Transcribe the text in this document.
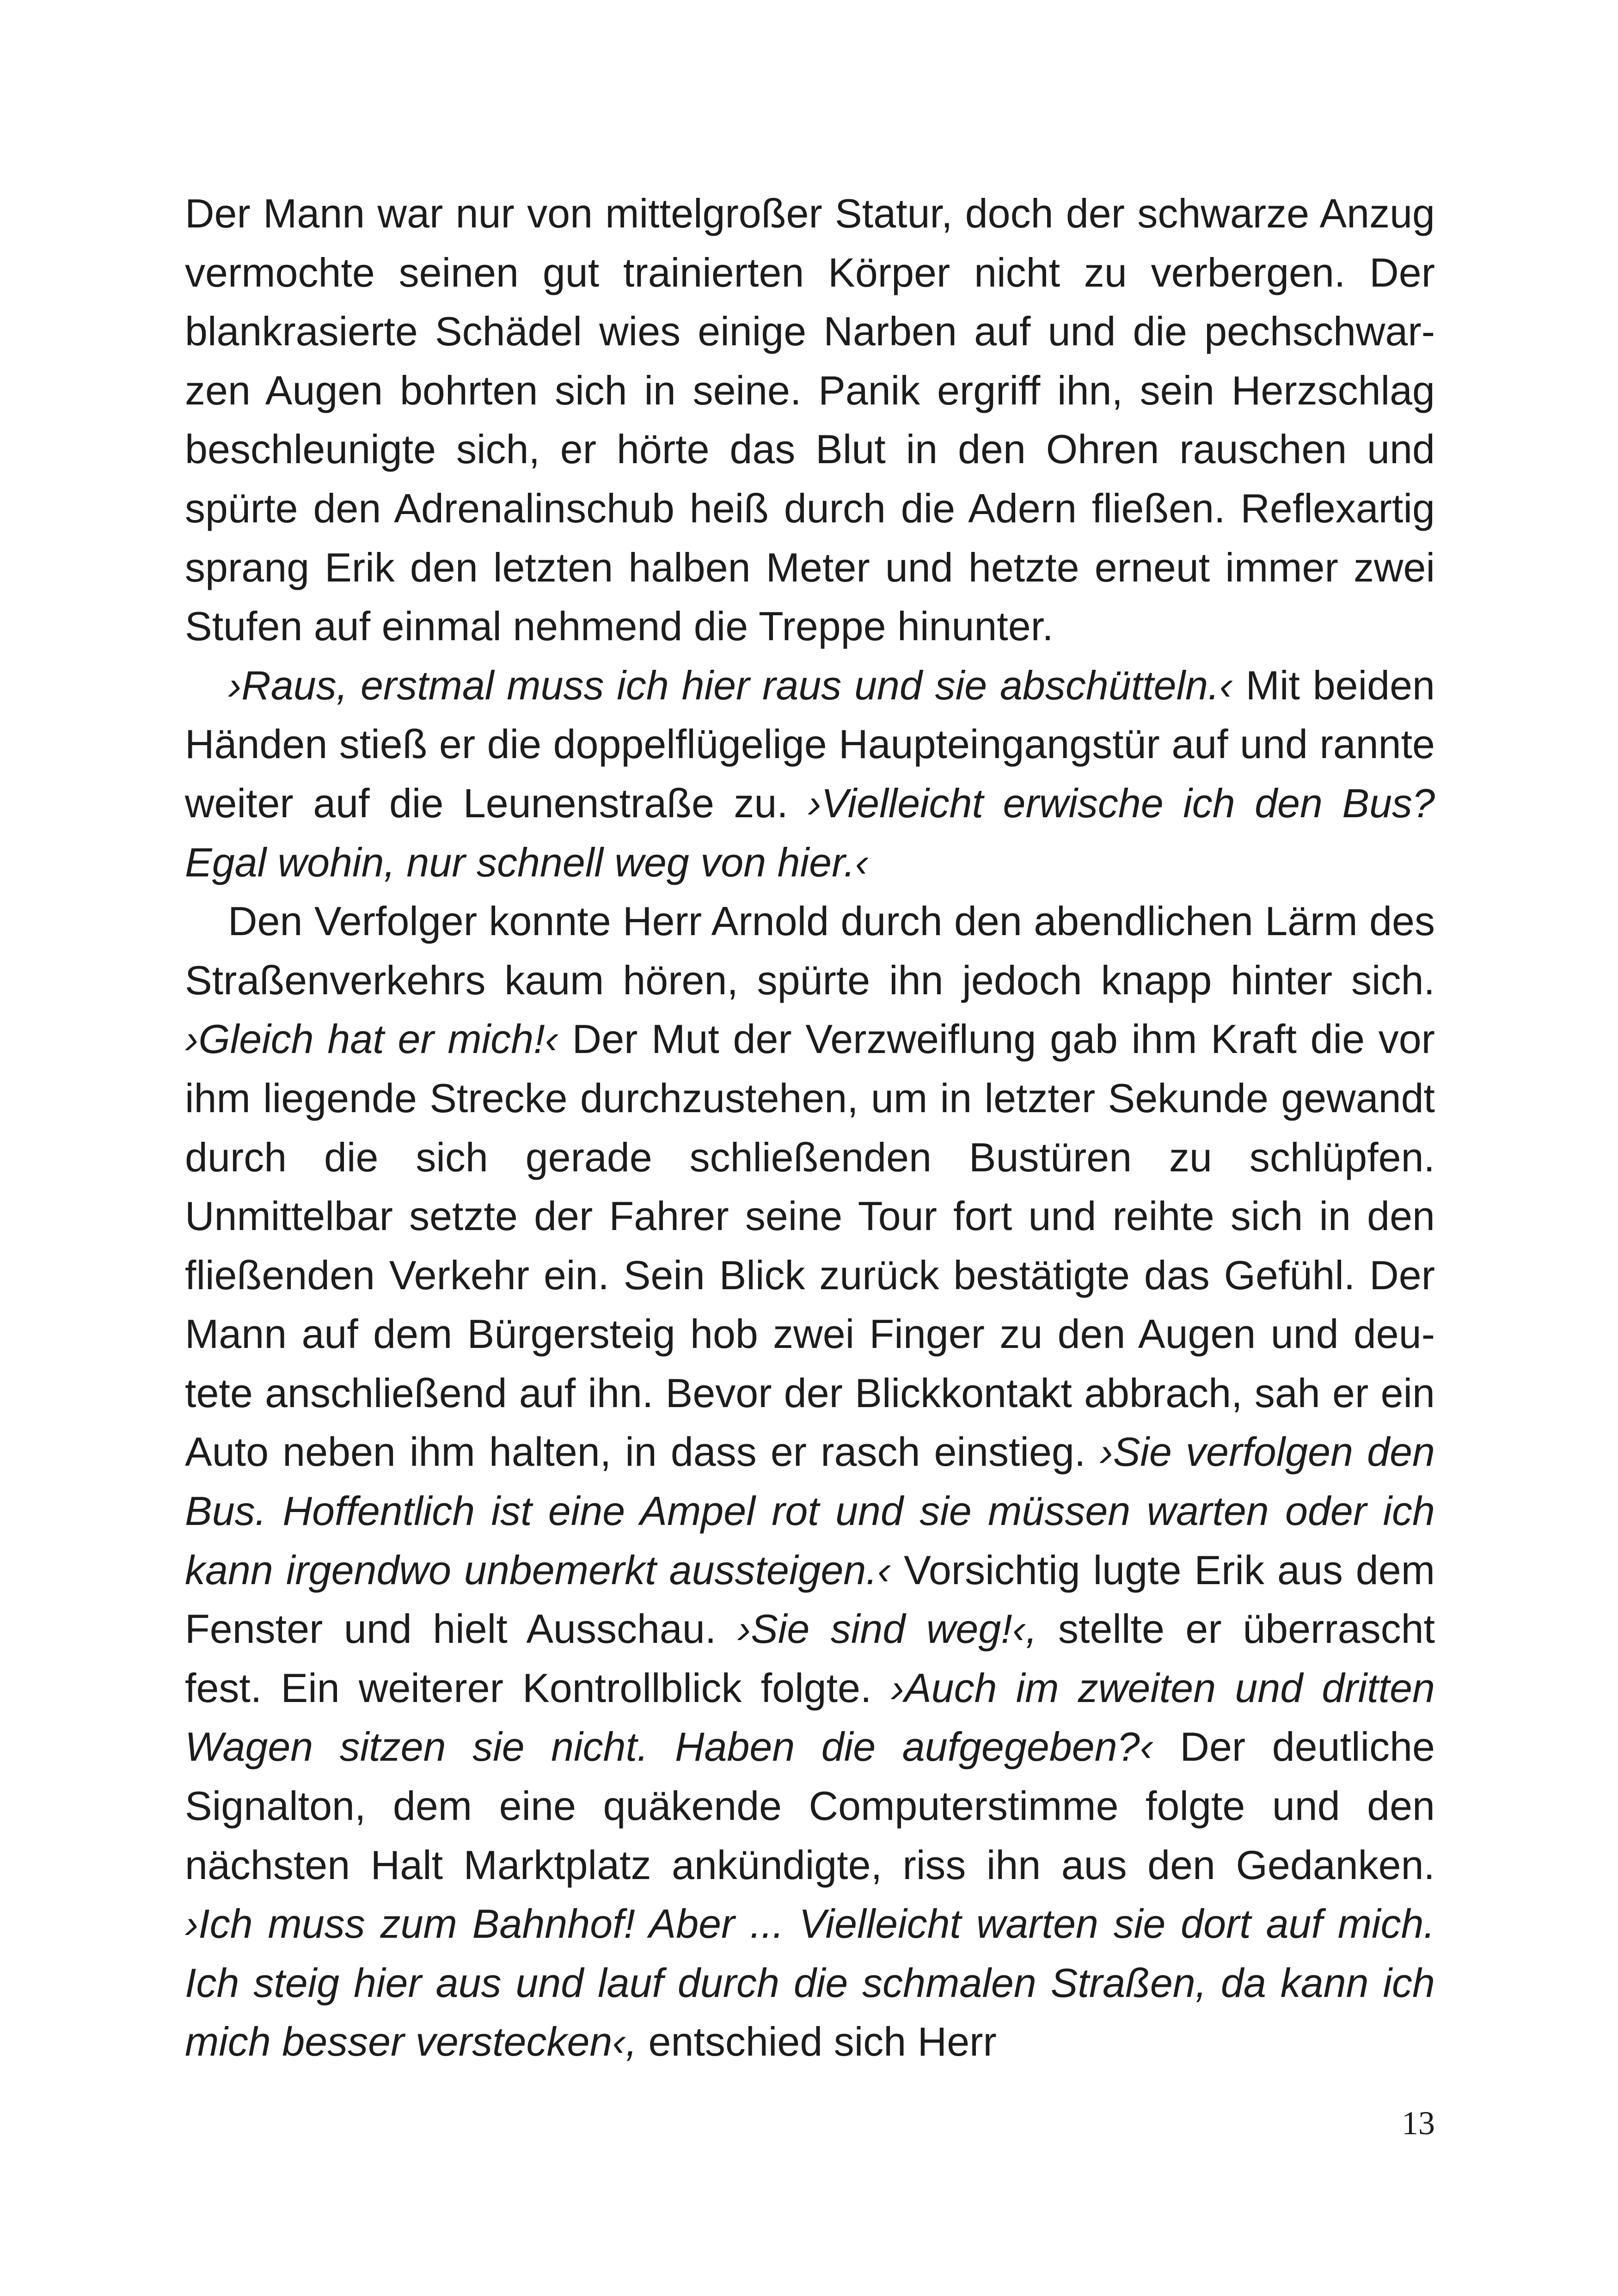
Der Mann war nur von mittelgroßer Statur, doch der schwarze Anzug vermochte seinen gut trainierten Körper nicht zu verbergen. Der blankrasierte Schädel wies einige Narben auf und die pechschwarzen Augen bohrten sich in seine. Panik ergriff ihn, sein Herzschlag beschleunigte sich, er hörte das Blut in den Ohren rauschen und spürte den Adrenalinschub heiß durch die Adern fließen. Reflexartig sprang Erik den letzten halben Meter und hetzte erneut immer zwei Stufen auf einmal nehmend die Treppe hinunter.

›Raus, erstmal muss ich hier raus und sie abschütteln.‹ Mit beiden Händen stieß er die doppelflügelige Haupteingangstür auf und rannte weiter auf die Leunenstraße zu. ›Vielleicht erwische ich den Bus? Egal wohin, nur schnell weg von hier.‹

Den Verfolger konnte Herr Arnold durch den abendlichen Lärm des Straßenverkehrs kaum hören, spürte ihn jedoch knapp hinter sich. ›Gleich hat er mich!‹ Der Mut der Verzweiflung gab ihm Kraft die vor ihm liegende Strecke durchzustehen, um in letzter Sekunde gewandt durch die sich gerade schließenden Bustüren zu schlüpfen. Unmittelbar setzte der Fahrer seine Tour fort und reihte sich in den fließenden Verkehr ein. Sein Blick zurück bestätigte das Gefühl. Der Mann auf dem Bürgersteig hob zwei Finger zu den Augen und deutete anschließend auf ihn. Bevor der Blickkontakt abbrach, sah er ein Auto neben ihm halten, in dass er rasch einstieg. ›Sie verfolgen den Bus. Hoffentlich ist eine Ampel rot und sie müssen warten oder ich kann irgendwo unbemerkt aussteigen.‹ Vorsichtig lugte Erik aus dem Fenster und hielt Ausschau. ›Sie sind weg!‹, stellte er überrascht fest. Ein weiterer Kontrollblick folgte. ›Auch im zweiten und dritten Wagen sitzen sie nicht. Haben die aufgegeben?‹ Der deutliche Signalton, dem eine quäkende Computerstimme folgte und den nächsten Halt Marktplatz ankündigte, riss ihn aus den Gedanken. ›Ich muss zum Bahnhof! Aber ... Vielleicht warten sie dort auf mich. Ich steig hier aus und lauf durch die schmalen Straßen, da kann ich mich besser verstecken‹, entschied sich Herr

13
